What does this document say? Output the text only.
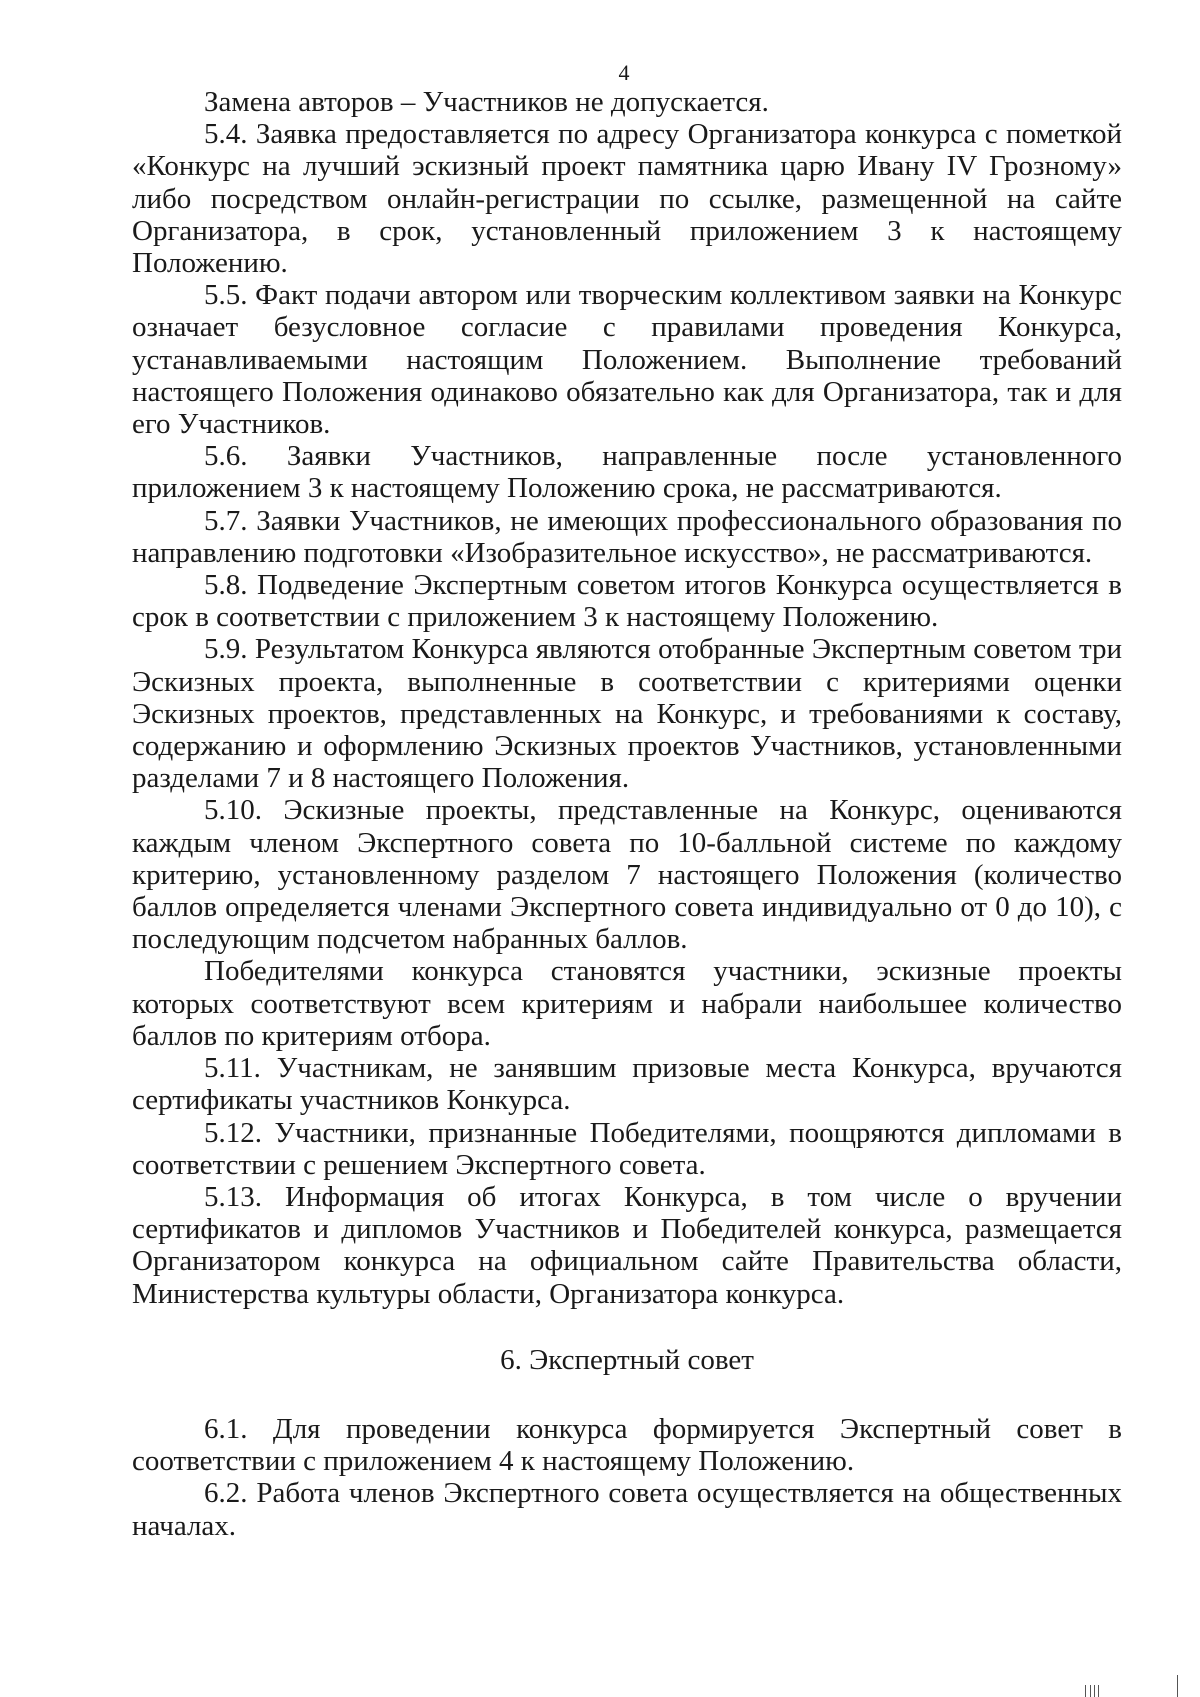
4

Замена авторов – Участников не допускается.

5.4. Заявка предоставляется по адресу Организатора конкурса с пометкой «Конкурс на лучший эскизный проект памятника царю Ивану IV Грозному» либо посредством онлайн-регистрации по ссылке, размещенной на сайте Организатора, в срок, установленный приложением 3 к настоящему Положению.

5.5. Факт подачи автором или творческим коллективом заявки на Конкурс означает безусловное согласие с правилами проведения Конкурса, устанавливаемыми настоящим Положением. Выполнение требований настоящего Положения одинаково обязательно как для Организатора, так и для его Участников.

5.6. Заявки Участников, направленные после установленного приложением 3 к настоящему Положению срока, не рассматриваются.

5.7. Заявки Участников, не имеющих профессионального образования по направлению подготовки «Изобразительное искусство», не рассматриваются.

5.8. Подведение Экспертным советом итогов Конкурса осуществляется в срок в соответствии с приложением 3 к настоящему Положению.

5.9. Результатом Конкурса являются отобранные Экспертным советом три Эскизных проекта, выполненные в соответствии с критериями оценки Эскизных проектов, представленных на Конкурс, и требованиями к составу, содержанию и оформлению Эскизных проектов Участников, установленными разделами 7 и 8 настоящего Положения.

5.10. Эскизные проекты, представленные на Конкурс, оцениваются каждым членом Экспертного совета по 10-балльной системе по каждому критерию, установленному разделом 7 настоящего Положения (количество баллов определяется членами Экспертного совета индивидуально от 0 до 10), с последующим подсчетом набранных баллов.

Победителями конкурса становятся участники, эскизные проекты которых соответствуют всем критериям и набрали наибольшее количество баллов по критериям отбора.

5.11. Участникам, не занявшим призовые места Конкурса, вручаются сертификаты участников Конкурса.

5.12. Участники, признанные Победителями, поощряются дипломами в соответствии с решением Экспертного совета.

5.13. Информация об итогах Конкурса, в том числе о вручении сертификатов и дипломов Участников и Победителей конкурса, размещается Организатором конкурса на официальном сайте Правительства области, Министерства культуры области, Организатора конкурса.

6. Экспертный совет

6.1. Для проведении конкурса формируется Экспертный совет в соответствии с приложением 4 к настоящему Положению.

6.2. Работа членов Экспертного совета осуществляется на общественных началах.
